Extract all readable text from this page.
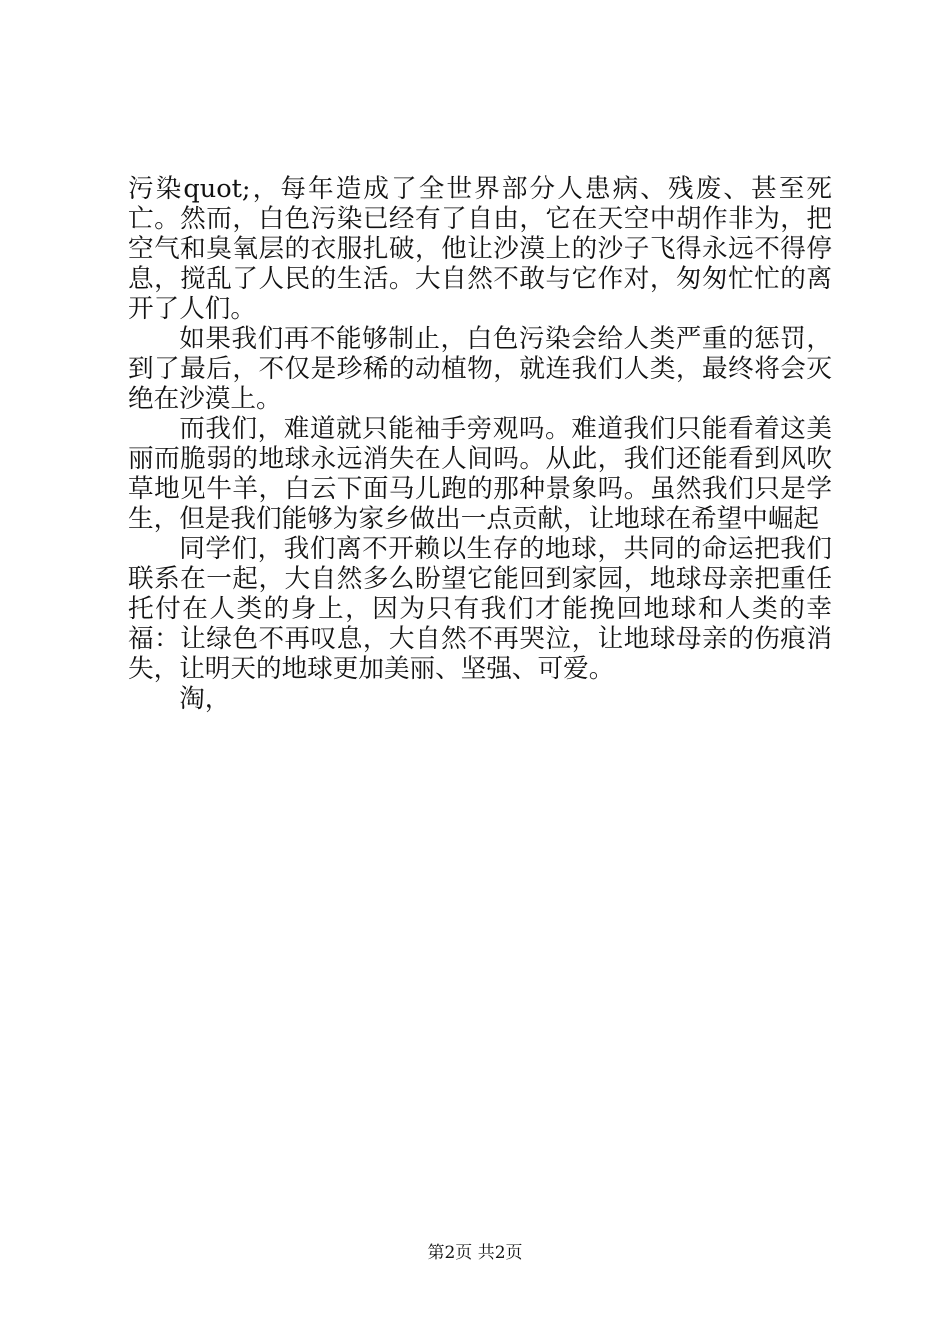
污染quot;，每年造成了全世界部分人患病、残废、甚至死亡。然而，白色污染已经有了自由，它在天空中胡作非为，把空气和臭氧层的衣服扎破，他让沙漠上的沙子飞得永远不得停息，搅乱了人民的生活。大自然不敢与它作对，匆匆忙忙的离开了人们。

如果我们再不能够制止，白色污染会给人类严重的惩罚，到了最后，不仅是珍稀的动植物，就连我们人类，最终将会灭绝在沙漠上。

而我们，难道就只能袖手旁观吗。难道我们只能看着这美丽而脆弱的地球永远消失在人间吗。从此，我们还能看到风吹草地见牛羊，白云下面马儿跑的那种景象吗。虽然我们只是学生，但是我们能够为家乡做出一点贡献，让地球在希望中崛起

同学们，我们离不开赖以生存的地球，共同的命运把我们联系在一起，大自然多么盼望它能回到家园，地球母亲把重任托付在人类的身上，因为只有我们才能挽回地球和人类的幸福：让绿色不再叹息，大自然不再哭泣，让地球母亲的伤痕消失，让明天的地球更加美丽、坚强、可爱。

淘，

第2页 共2页
